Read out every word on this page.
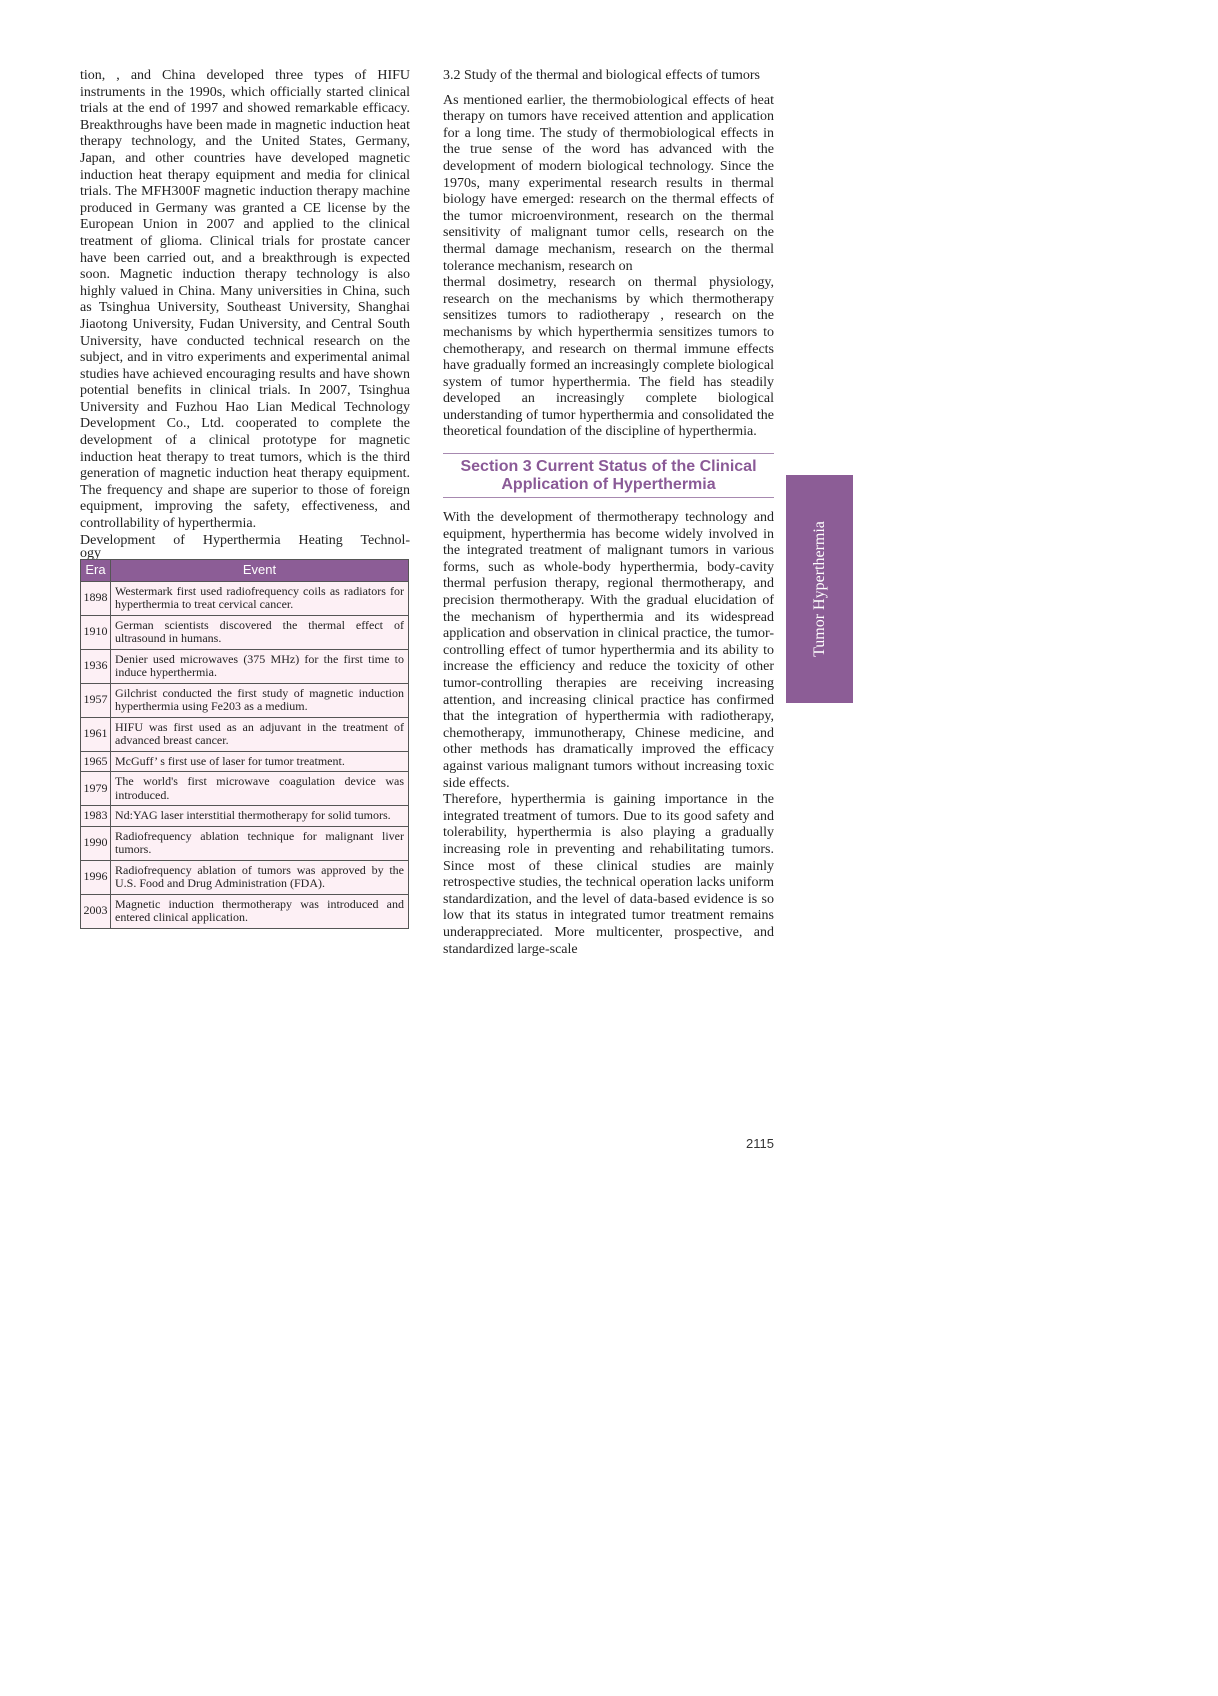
tion, , and China developed three types of HIFU instruments in the 1990s, which officially started clinical trials at the end of 1997 and showed remarkable efficacy. Breakthroughs have been made in magnetic induction heat therapy technology, and the United States, Germany, Japan, and other countries have developed magnetic induction heat therapy equipment and media for clinical trials. The MFH300F magnetic induction therapy machine produced in Germany was granted a CE license by the European Union in 2007 and applied to the clinical treatment of glioma. Clinical trials for prostate cancer have been carried out, and a breakthrough is expected soon. Magnetic induction therapy technology is also highly valued in China. Many universities in China, such as Tsinghua University, Southeast University, Shanghai Jiaotong University, Fudan University, and Central South University, have conducted technical research on the subject, and in vitro experiments and experimental animal studies have achieved encouraging results and have shown potential benefits in clinical trials. In 2007, Tsinghua University and Fuzhou Hao Lian Medical Technology Development Co., Ltd. cooperated to complete the development of a clinical prototype for magnetic induction heat therapy to treat tumors, which is the third generation of magnetic induction heat therapy equipment. The frequency and shape are superior to those of foreign equipment, improving the safety, effectiveness, and controllability of hyperthermia.

Development of Hyperthermia Heating Technol-

ogy

Era	Event
1898	Westermark first used radiofrequency coils as radiators for hyperthermia to treat cervical cancer.
1910	German scientists discovered the thermal effect of ultrasound in humans.
1936	Denier used microwaves (375 MHz) for the first time to induce hyperthermia.
1957	Gilchrist conducted the first study of magnetic induction hyperthermia using Fe203 as a medium.
1961	HIFU was first used as an adjuvant in the treatment of advanced breast cancer.
1965	McGuff’ s first use of laser for tumor treatment.
1979	The world's first microwave coagulation device was introduced.
1983	Nd:YAG laser interstitial thermotherapy for solid tumors.
1990	Radiofrequency ablation technique for malignant liver tumors.
1996	Radiofrequency ablation of tumors was approved by the U.S. Food and Drug Administration (FDA).
2003	Magnetic induction thermotherapy was introduced and entered clinical application.

3.2 Study of the thermal and biological effects of tumors

As mentioned earlier, the thermobiological effects of heat therapy on tumors have received attention and application for a long time. The study of thermobiological effects in the true sense of the word has advanced with the development of modern biological technology. Since the 1970s, many experimental research results in thermal biology have emerged: research on the thermal effects of the tumor microenvironment, research on the thermal sensitivity of malignant tumor cells, research on the thermal damage mechanism, research on the thermal tolerance mechanism, research on

thermal dosimetry, research on thermal physiology, research on the mechanisms by which thermotherapy sensitizes tumors to radiotherapy , research on the mechanisms by which hyperthermia sensitizes tumors to chemotherapy, and research on thermal immune effects have gradually formed an increasingly complete biological system of tumor hyperthermia. The field has steadily developed an increasingly complete biological understanding of tumor hyperthermia and consolidated the theoretical foundation of the discipline of hyperthermia.

Section 3 Current Status of the Clinical
Application of Hyperthermia

With the development of thermotherapy technology and equipment, hyperthermia has become widely involved in the integrated treatment of malignant tumors in various forms, such as whole-body hyperthermia, body-cavity thermal perfusion therapy, regional thermotherapy, and precision thermotherapy. With the gradual elucidation of the mechanism of hyperthermia and its widespread application and observation in clinical practice, the tumor-controlling effect of tumor hyperthermia and its ability to increase the efficiency and reduce the toxicity of other tumor-controlling therapies are receiving increasing attention, and increasing clinical practice has confirmed that the integration of hyperthermia with radiotherapy, chemotherapy, immunotherapy, Chinese medicine, and other methods has dramatically improved the efficacy against various malignant tumors without increasing toxic side effects.

Therefore, hyperthermia is gaining importance in the integrated treatment of tumors. Due to its good safety and tolerability, hyperthermia is also playing a gradually increasing role in preventing and rehabilitating tumors. Since most of these clinical studies are mainly retrospective studies, the technical operation lacks uniform standardization, and the level of data-based evidence is so low that its status in integrated tumor treatment remains underappreciated. More multicenter, prospective, and standardized large-scale

Tumor Hyperthermia
2115
